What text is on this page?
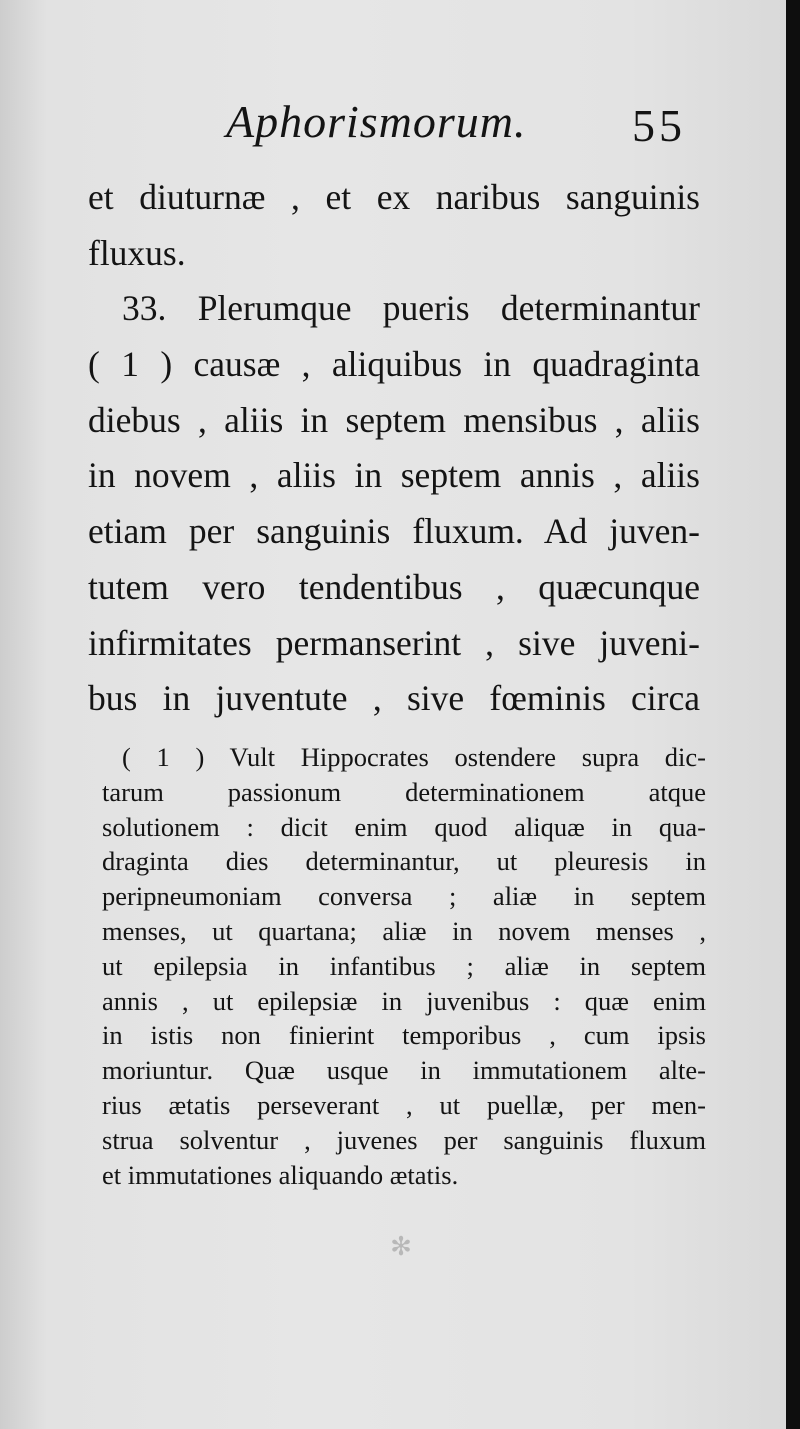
Aphorismorum. 55
et diuturnæ , et ex naribus sanguinis
fluxus.
33. Plerumque pueris determinantur
( 1 ) causæ , aliquibus in quadraginta
diebus , aliis in septem mensibus , aliis
in novem , aliis in septem annis , aliis
etiam per sanguinis fluxum. Ad juven-
tutem vero tendentibus , quæcunque
infirmitates permanserint , sive juveni-
bus in juventute , sive fœminis circa
( 1 ) Vult Hippocrates ostendere supra dic-
tarum passionum determinationem atque
solutionem : dicit enim quod aliquæ in qua-
draginta dies determinantur, ut pleuresis in
peripneumoniam conversa ; aliæ in septem
menses, ut quartana; aliæ in novem menses ,
ut epilepsia in infantibus ; aliæ in septem
annis , ut epilepsiæ in juvenibus : quæ enim
in istis non finierint temporibus , cum ipsis
moriuntur. Quæ usque in immutationem alte-
rius ætatis perseverant , ut puellæ, per men-
strua solventur , juvenes per sanguinis fluxum
et immutationes aliquando ætatis.
✻
